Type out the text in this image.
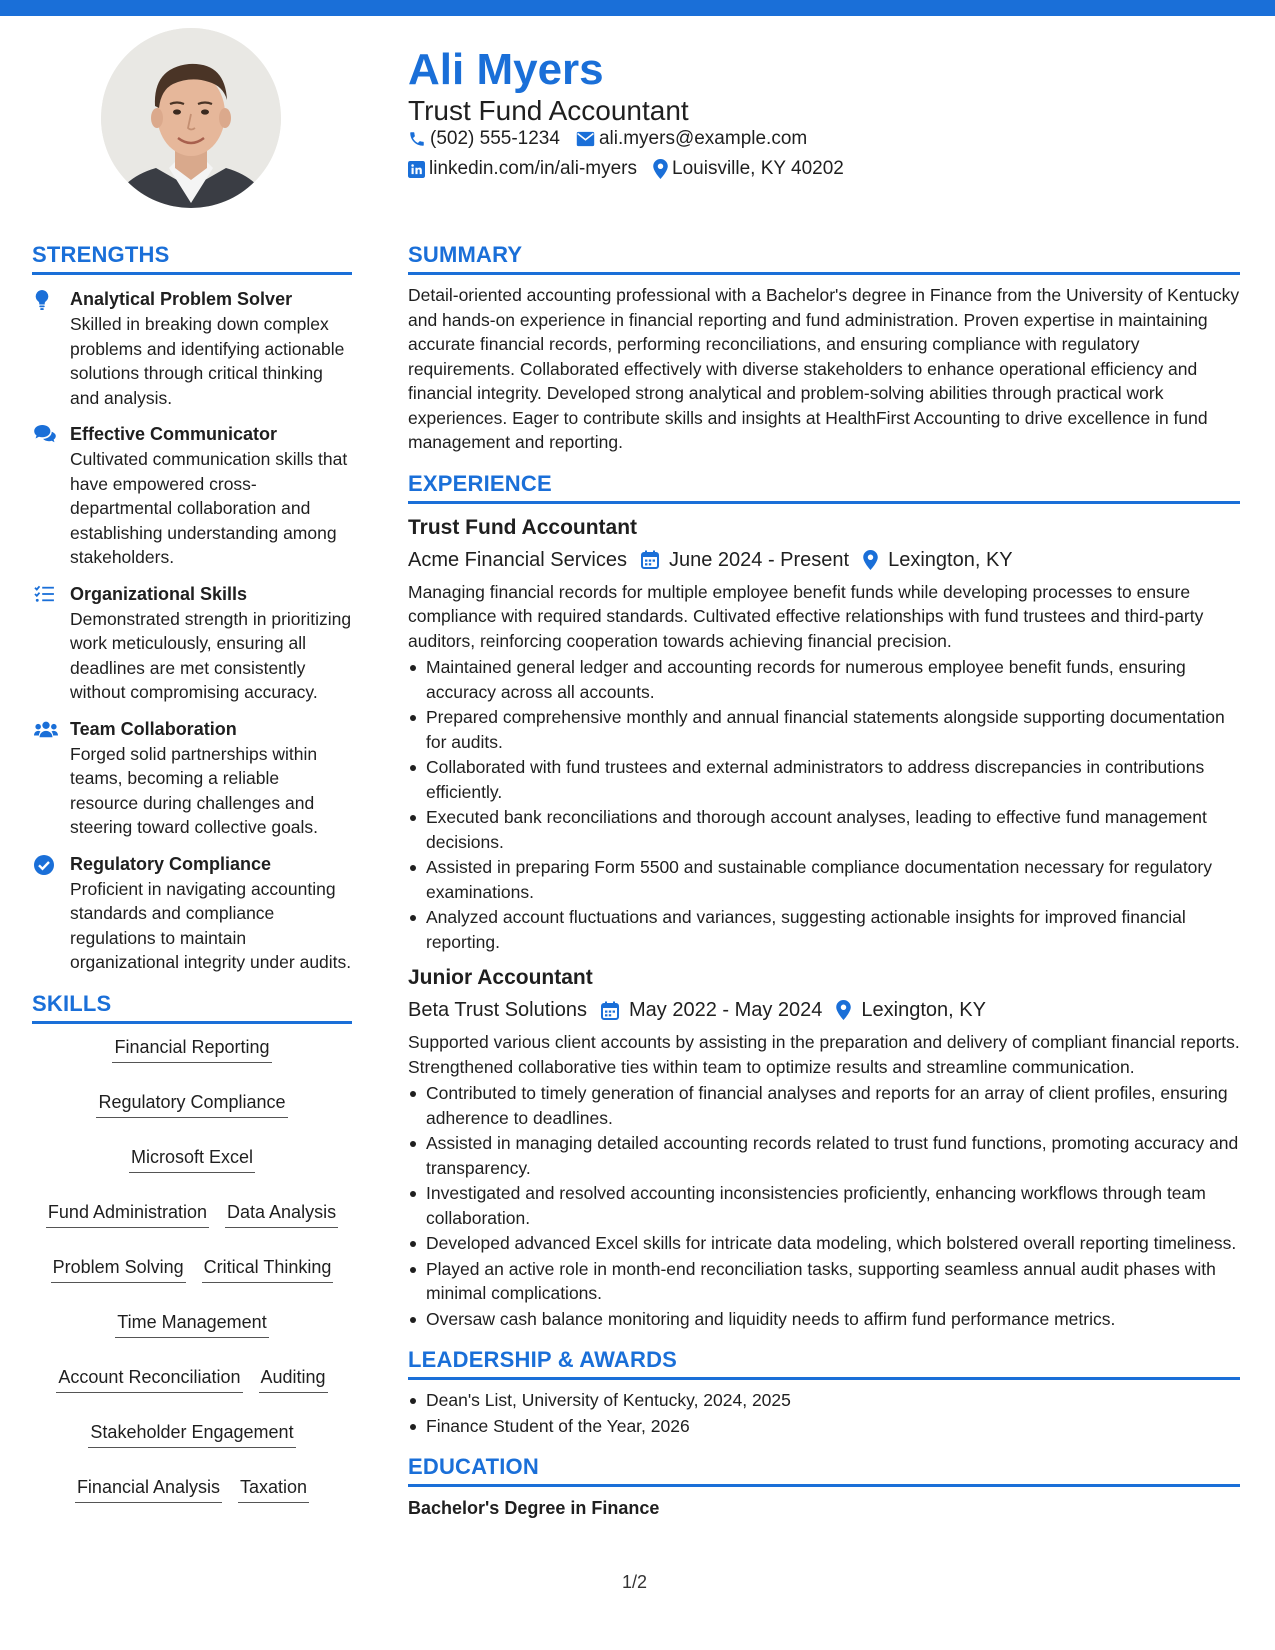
Ali Myers
Trust Fund Accountant
(502) 555-1234 ali.myers@example.com
linkedin.com/in/ali-myers Louisville, KY 40202
STRENGTHS
Analytical Problem Solver
Skilled in breaking down complex problems and identifying actionable solutions through critical thinking and analysis.
Effective Communicator
Cultivated communication skills that have empowered cross-departmental collaboration and establishing understanding among stakeholders.
Organizational Skills
Demonstrated strength in prioritizing work meticulously, ensuring all deadlines are met consistently without compromising accuracy.
Team Collaboration
Forged solid partnerships within teams, becoming a reliable resource during challenges and steering toward collective goals.
Regulatory Compliance
Proficient in navigating accounting standards and compliance regulations to maintain organizational integrity under audits.
SKILLS
Financial Reporting
Regulatory Compliance
Microsoft Excel
Fund Administration Data Analysis
Problem Solving Critical Thinking
Time Management
Account Reconciliation Auditing
Stakeholder Engagement
Financial Analysis Taxation
SUMMARY
Detail-oriented accounting professional with a Bachelor's degree in Finance from the University of Kentucky and hands-on experience in financial reporting and fund administration. Proven expertise in maintaining accurate financial records, performing reconciliations, and ensuring compliance with regulatory requirements. Collaborated effectively with diverse stakeholders to enhance operational efficiency and financial integrity. Developed strong analytical and problem-solving abilities through practical work experiences. Eager to contribute skills and insights at HealthFirst Accounting to drive excellence in fund management and reporting.
EXPERIENCE
Trust Fund Accountant
Acme Financial Services June 2024 - Present Lexington, KY
Managing financial records for multiple employee benefit funds while developing processes to ensure compliance with required standards. Cultivated effective relationships with fund trustees and third-party auditors, reinforcing cooperation towards achieving financial precision.
Maintained general ledger and accounting records for numerous employee benefit funds, ensuring accuracy across all accounts.
Prepared comprehensive monthly and annual financial statements alongside supporting documentation for audits.
Collaborated with fund trustees and external administrators to address discrepancies in contributions efficiently.
Executed bank reconciliations and thorough account analyses, leading to effective fund management decisions.
Assisted in preparing Form 5500 and sustainable compliance documentation necessary for regulatory examinations.
Analyzed account fluctuations and variances, suggesting actionable insights for improved financial reporting.
Junior Accountant
Beta Trust Solutions May 2022 - May 2024 Lexington, KY
Supported various client accounts by assisting in the preparation and delivery of compliant financial reports. Strengthened collaborative ties within team to optimize results and streamline communication.
Contributed to timely generation of financial analyses and reports for an array of client profiles, ensuring adherence to deadlines.
Assisted in managing detailed accounting records related to trust fund functions, promoting accuracy and transparency.
Investigated and resolved accounting inconsistencies proficiently, enhancing workflows through team collaboration.
Developed advanced Excel skills for intricate data modeling, which bolstered overall reporting timeliness.
Played an active role in month-end reconciliation tasks, supporting seamless annual audit phases with minimal complications.
Oversaw cash balance monitoring and liquidity needs to affirm fund performance metrics.
LEADERSHIP & AWARDS
Dean's List, University of Kentucky, 2024, 2025
Finance Student of the Year, 2026
EDUCATION
Bachelor's Degree in Finance
1/2
